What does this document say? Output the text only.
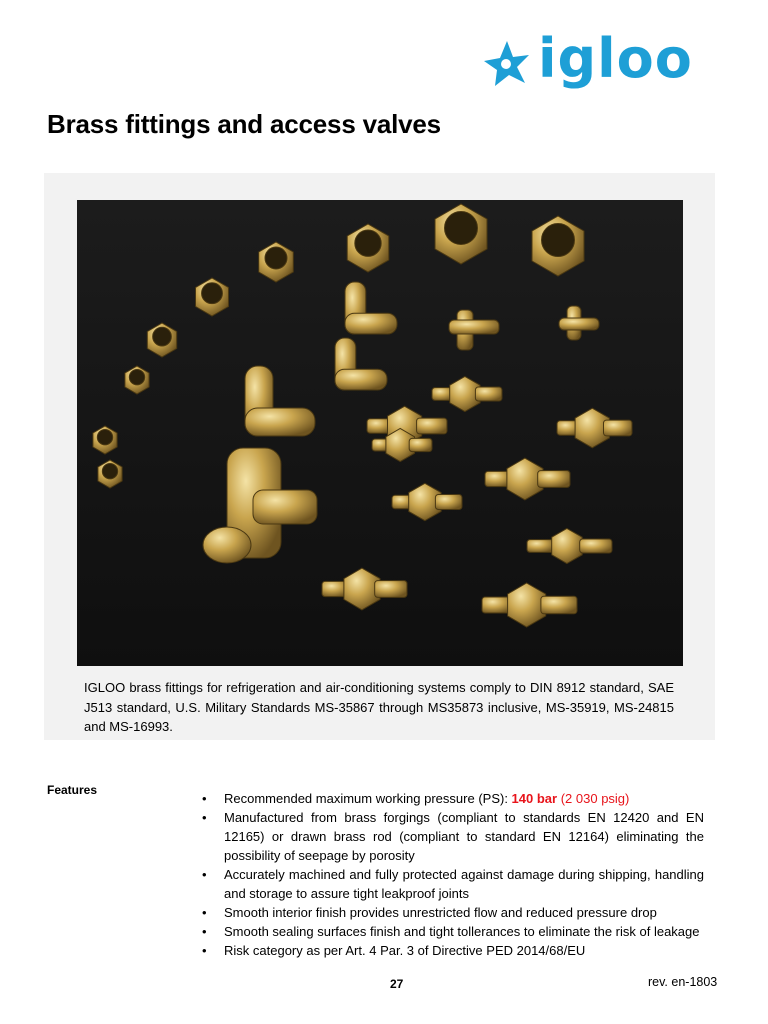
igloo
Brass fittings and access valves

IGLOO brass fittings for refrigeration and air-conditioning systems comply to DIN 8912 standard, SAE J513 standard, U.S. Military Standards MS-35867 through MS35873 inclusive, MS-35919, MS-24815 and MS-16993.

Features

• Recommended maximum working pressure (PS): 140 bar (2 030 psig)
• Manufactured from brass forgings (compliant to standards EN 12420 and EN 12165) or drawn brass rod (compliant to standard EN 12164) eliminating the possibility of seepage by porosity
• Accurately machined and fully protected against damage during shipping, handling and storage to assure tight leakproof joints
• Smooth interior finish provides unrestricted flow and reduced pressure drop
• Smooth sealing surfaces finish and tight tollerances to eliminate the risk of leakage
• Risk category as per Art. 4 Par. 3 of Directive PED 2014/68/EU
27	rev. en-1803
